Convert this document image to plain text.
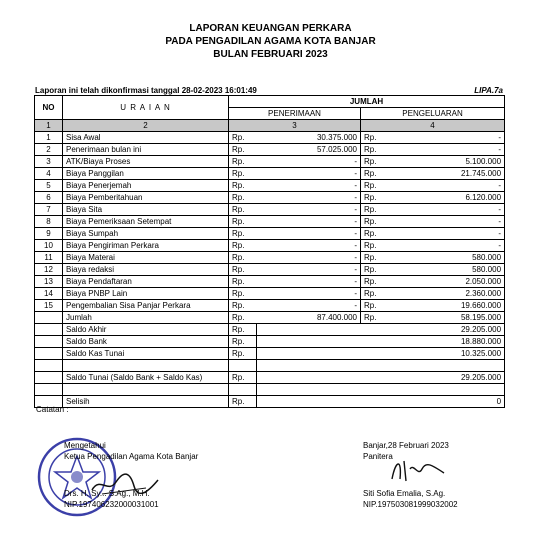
LAPORAN KEUANGAN PERKARA
PADA PENGADILAN AGAMA KOTA BANJAR
BULAN FEBRUARI 2023
Laporan ini telah dikonfirmasi tanggal 28-02-2023 16:01:49	LIPA.7a
NO	U R A I A N	JUMLAH			
		PENERIMAAN		PENGELUARAN	
1	2	3		4	
1	Sisa Awal	Rp.	30.375.000	Rp.	-
2	Penerimaan bulan ini	Rp.	57.025.000	Rp.	-
3	ATK/Biaya Proses	Rp.	-	Rp.	5.100.000
4	Biaya Panggilan	Rp.	-	Rp.	21.745.000
5	Biaya Penerjemah	Rp.	-	Rp.	-
6	Biaya Pemberitahuan	Rp.	-	Rp.	6.120.000
7	Biaya Sita	Rp.	-	Rp.	-
8	Biaya Pemeriksaan Setempat	Rp.	-	Rp.	-
9	Biaya Sumpah	Rp.	-	Rp.	-
10	Biaya Pengiriman Perkara	Rp.	-	Rp.	-
11	Biaya Materai	Rp.	-	Rp.	580.000
12	Biaya redaksi	Rp.	-	Rp.	580.000
13	Biaya Pendaftaran	Rp.	-	Rp.	2.050.000
14	Biaya PNBP Lain	Rp.	-	Rp.	2.360.000
15	Pengembalian Sisa Panjar Perkara	Rp.	-	Rp.	19.660.000
	Jumlah	Rp.	87.400.000	Rp.	58.195.000
	Saldo Akhir	Rp.	29.205.000		
	Saldo Bank	Rp.	18.880.000		
	Saldo Kas Tunai	Rp.	10.325.000		

	Saldo Tunai (Saldo Bank + Saldo Kas)	Rp.	29.205.000		

	Selisih	Rp.	0		
Catatan :
Mengetahui
Ketua Pengadilan Agama Kota Banjar
Drs. H. Sy... S.Ag., M.H.
NIP.197406232000031001
Banjar,28 Februari 2023
Panitera
Siti Sofia Emalia, S.Ag.
NIP.197503081999032002
